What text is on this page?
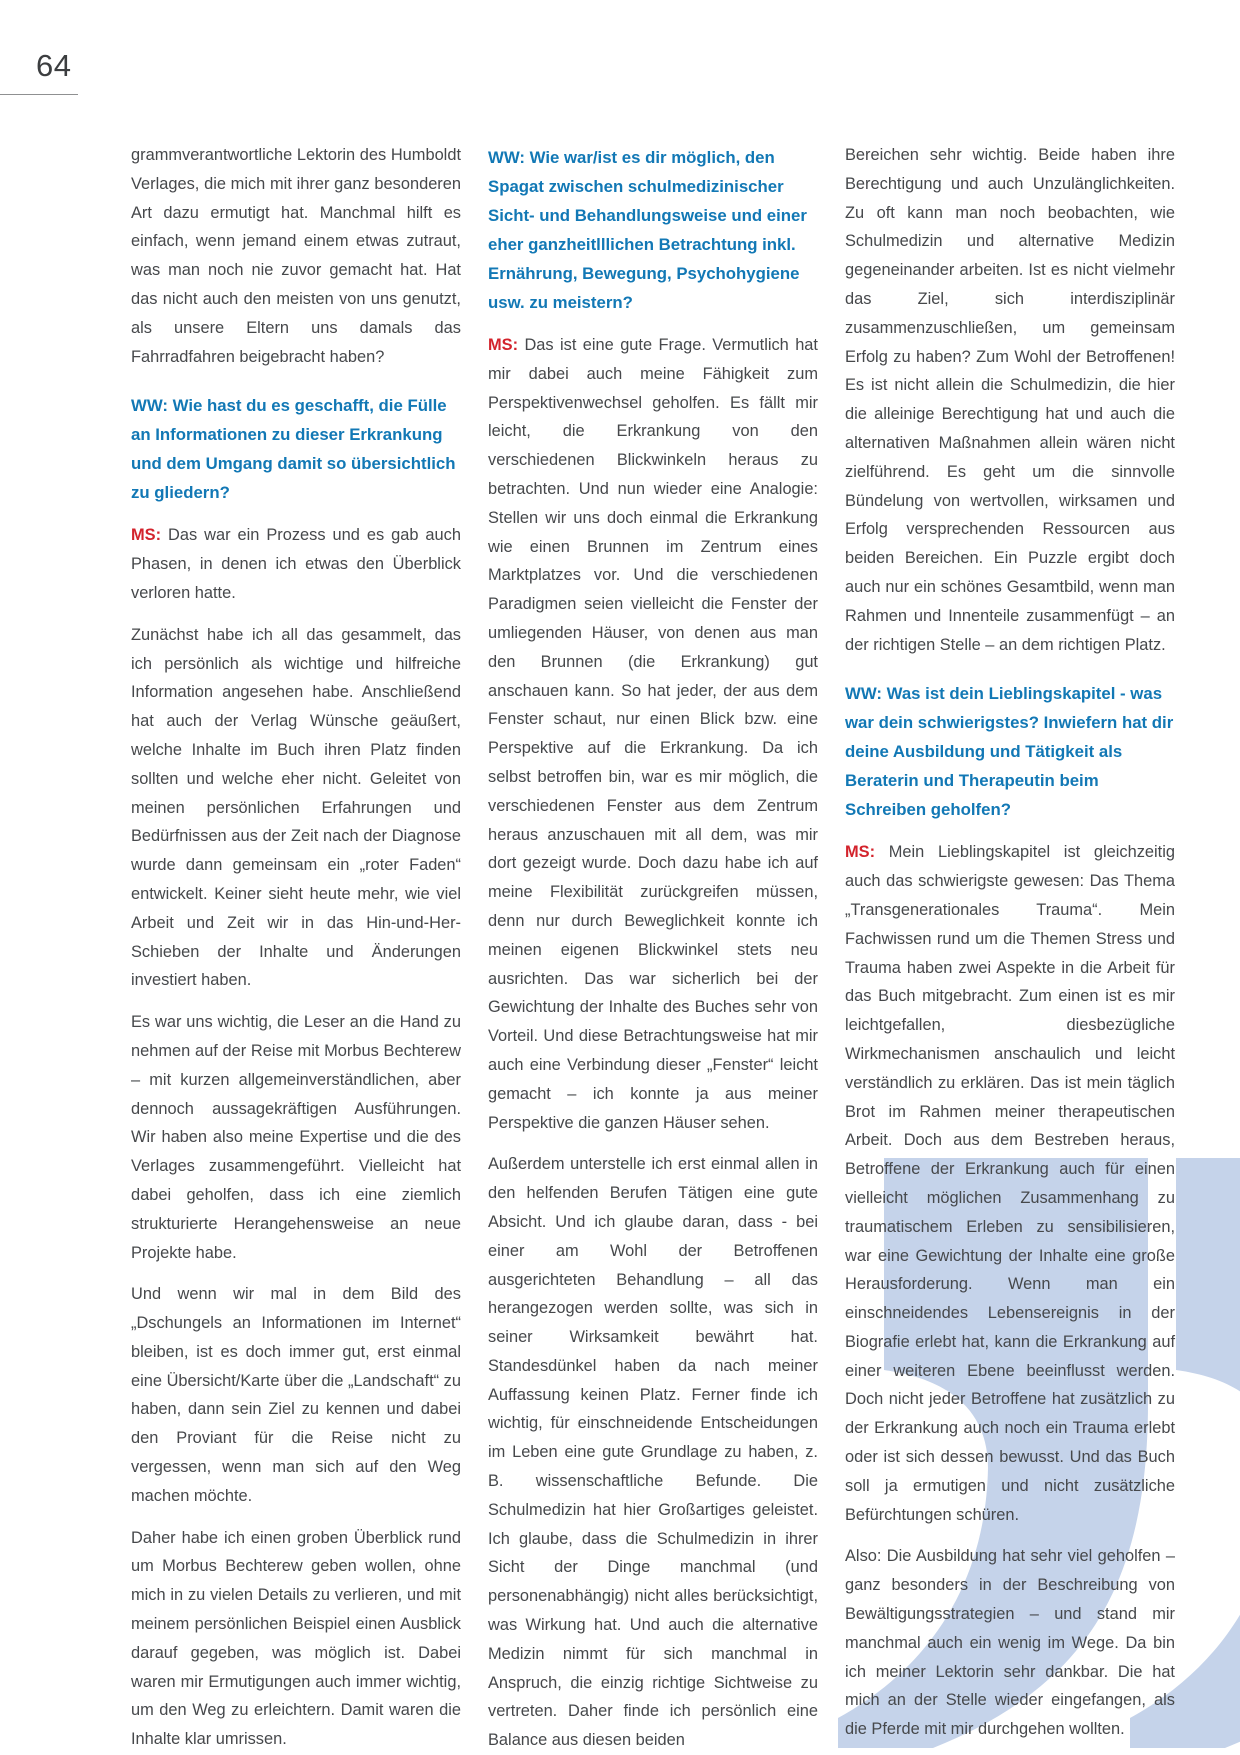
64

grammverantwortliche Lektorin des Humboldt Verlages, die mich mit ihrer ganz besonderen Art dazu ermutigt hat. Manchmal hilft es einfach, wenn jemand einem etwas zutraut, was man noch nie zuvor gemacht hat. Hat das nicht auch den meisten von uns genutzt, als unsere Eltern uns damals das Fahrradfahren beigebracht haben?

WW: Wie hast du es geschafft, die Fülle an Informationen zu dieser Erkrankung und dem Umgang damit so übersichtlich zu gliedern?

MS: Das war ein Prozess und es gab auch Phasen, in denen ich etwas den Überblick verloren hatte.

Zunächst habe ich all das gesammelt, das ich persönlich als wichtige und hilfreiche Information angesehen habe. Anschließend hat auch der Verlag Wünsche geäußert, welche Inhalte im Buch ihren Platz finden sollten und welche eher nicht. Geleitet von meinen persönlichen Erfahrungen und Bedürfnissen aus der Zeit nach der Diagnose wurde dann gemeinsam ein „roter Faden“ entwickelt. Keiner sieht heute mehr, wie viel Arbeit und Zeit wir in das Hin-und-Her-Schieben der Inhalte und Änderungen investiert haben.

Es war uns wichtig, die Leser an die Hand zu nehmen auf der Reise mit Morbus Bechterew – mit kurzen allgemeinverständlichen, aber dennoch aussagekräftigen Ausführungen. Wir haben also meine Expertise und die des Verlages zusammengeführt. Vielleicht hat dabei geholfen, dass ich eine ziemlich strukturierte Herangehensweise an neue Projekte habe.

Und wenn wir mal in dem Bild des „Dschungels an Informationen im Internet“ bleiben, ist es doch immer gut, erst einmal eine Übersicht/Karte über die „Landschaft“ zu haben, dann sein Ziel zu kennen und dabei den Proviant für die Reise nicht zu vergessen, wenn man sich auf den Weg machen möchte.

Daher habe ich einen groben Überblick rund um Morbus Bechterew geben wollen, ohne mich in zu vielen Details zu verlieren, und mit meinem persönlichen Beispiel einen Ausblick darauf gegeben, was möglich ist. Dabei waren mir Ermutigungen auch immer wichtig, um den Weg zu erleichtern. Damit waren die Inhalte klar umrissen.

WW: Wie war/ist es dir möglich, den Spagat zwischen schulmedizinischer Sicht- und Behandlungsweise und einer eher ganzheitlllichen Betrachtung inkl. Ernährung, Bewegung, Psychohygiene usw. zu meistern?

MS: Das ist eine gute Frage. Vermutlich hat mir dabei auch meine Fähigkeit zum Perspektivenwechsel geholfen. Es fällt mir leicht, die Erkrankung von den verschiedenen Blickwinkeln heraus zu betrachten. Und nun wieder eine Analogie: Stellen wir uns doch einmal die Erkrankung wie einen Brunnen im Zentrum eines Marktplatzes vor. Und die verschiedenen Paradigmen seien vielleicht die Fenster der umliegenden Häuser, von denen aus man den Brunnen (die Erkrankung) gut anschauen kann. So hat jeder, der aus dem Fenster schaut, nur einen Blick bzw. eine Perspektive auf die Erkrankung. Da ich selbst betroffen bin, war es mir möglich, die verschiedenen Fenster aus dem Zentrum heraus anzuschauen mit all dem, was mir dort gezeigt wurde. Doch dazu habe ich auf meine Flexibilität zurückgreifen müssen, denn nur durch Beweglichkeit konnte ich meinen eigenen Blickwinkel stets neu ausrichten. Das war sicherlich bei der Gewichtung der Inhalte des Buches sehr von Vorteil. Und diese Betrachtungsweise hat mir auch eine Verbindung dieser „Fenster“ leicht gemacht – ich konnte ja aus meiner Perspektive die ganzen Häuser sehen.

Außerdem unterstelle ich erst einmal allen in den helfenden Berufen Tätigen eine gute Absicht. Und ich glaube daran, dass - bei einer am Wohl der Betroffenen ausgerichteten Behandlung – all das herangezogen werden sollte, was sich in seiner Wirksamkeit bewährt hat. Standesdünkel haben da nach meiner Auffassung keinen Platz. Ferner finde ich wichtig, für einschneidende Entscheidungen im Leben eine gute Grundlage zu haben, z. B. wissenschaftliche Befunde. Die Schulmedizin hat hier Großartiges geleistet. Ich glaube, dass die Schulmedizin in ihrer Sicht der Dinge manchmal (und personenabhängig) nicht alles berücksichtigt, was Wirkung hat. Und auch die alternative Medizin nimmt für sich manchmal in Anspruch, die einzig richtige Sichtweise zu vertreten. Daher finde ich persönlich eine Balance aus diesen beiden

Bereichen sehr wichtig. Beide haben ihre Berechtigung und auch Unzulänglichkeiten. Zu oft kann man noch beobachten, wie Schulmedizin und alternative Medizin gegeneinander arbeiten. Ist es nicht vielmehr das Ziel, sich interdisziplinär zusammenzuschließen, um gemeinsam Erfolg zu haben? Zum Wohl der Betroffenen! Es ist nicht allein die Schulmedizin, die hier die alleinige Berechtigung hat und auch die alternativen Maßnahmen allein wären nicht zielführend. Es geht um die sinnvolle Bündelung von wertvollen, wirksamen und Erfolg versprechenden Ressourcen aus beiden Bereichen. Ein Puzzle ergibt doch auch nur ein schönes Gesamtbild, wenn man Rahmen und Innenteile zusammenfügt – an der richtigen Stelle – an dem richtigen Platz.

WW: Was ist dein Lieblingskapitel - was war dein schwierigstes? Inwiefern hat dir deine Ausbildung und Tätigkeit als Beraterin und Therapeutin beim Schreiben geholfen?

MS: Mein Lieblingskapitel ist gleichzeitig auch das schwierigste gewesen: Das Thema „Transgenerationales Trauma“. Mein Fachwissen rund um die Themen Stress und Trauma haben zwei Aspekte in die Arbeit für das Buch mitgebracht. Zum einen ist es mir leichtgefallen, diesbezügliche Wirkmechanismen anschaulich und leicht verständlich zu erklären. Das ist mein täglich Brot im Rahmen meiner therapeutischen Arbeit. Doch aus dem Bestreben heraus, Betroffene der Erkrankung auch für einen vielleicht möglichen Zusammenhang zu traumatischem Erleben zu sensibilisieren, war eine Gewichtung der Inhalte eine große Herausforderung. Wenn man ein einschneidendes Lebensereignis in der Biografie erlebt hat, kann die Erkrankung auf einer weiteren Ebene beeinflusst werden. Doch nicht jeder Betroffene hat zusätzlich zu der Erkrankung auch noch ein Trauma erlebt oder ist sich dessen bewusst. Und das Buch soll ja ermutigen und nicht zusätzliche Befürchtungen schüren.

Also: Die Ausbildung hat sehr viel geholfen – ganz besonders in der Beschreibung von Bewältigungsstrategien – und stand mir manchmal auch ein wenig im Wege. Da bin ich meiner Lektorin sehr dankbar. Die hat mich an der Stelle wieder eingefangen, als die Pferde mit mir durchgehen wollten.
